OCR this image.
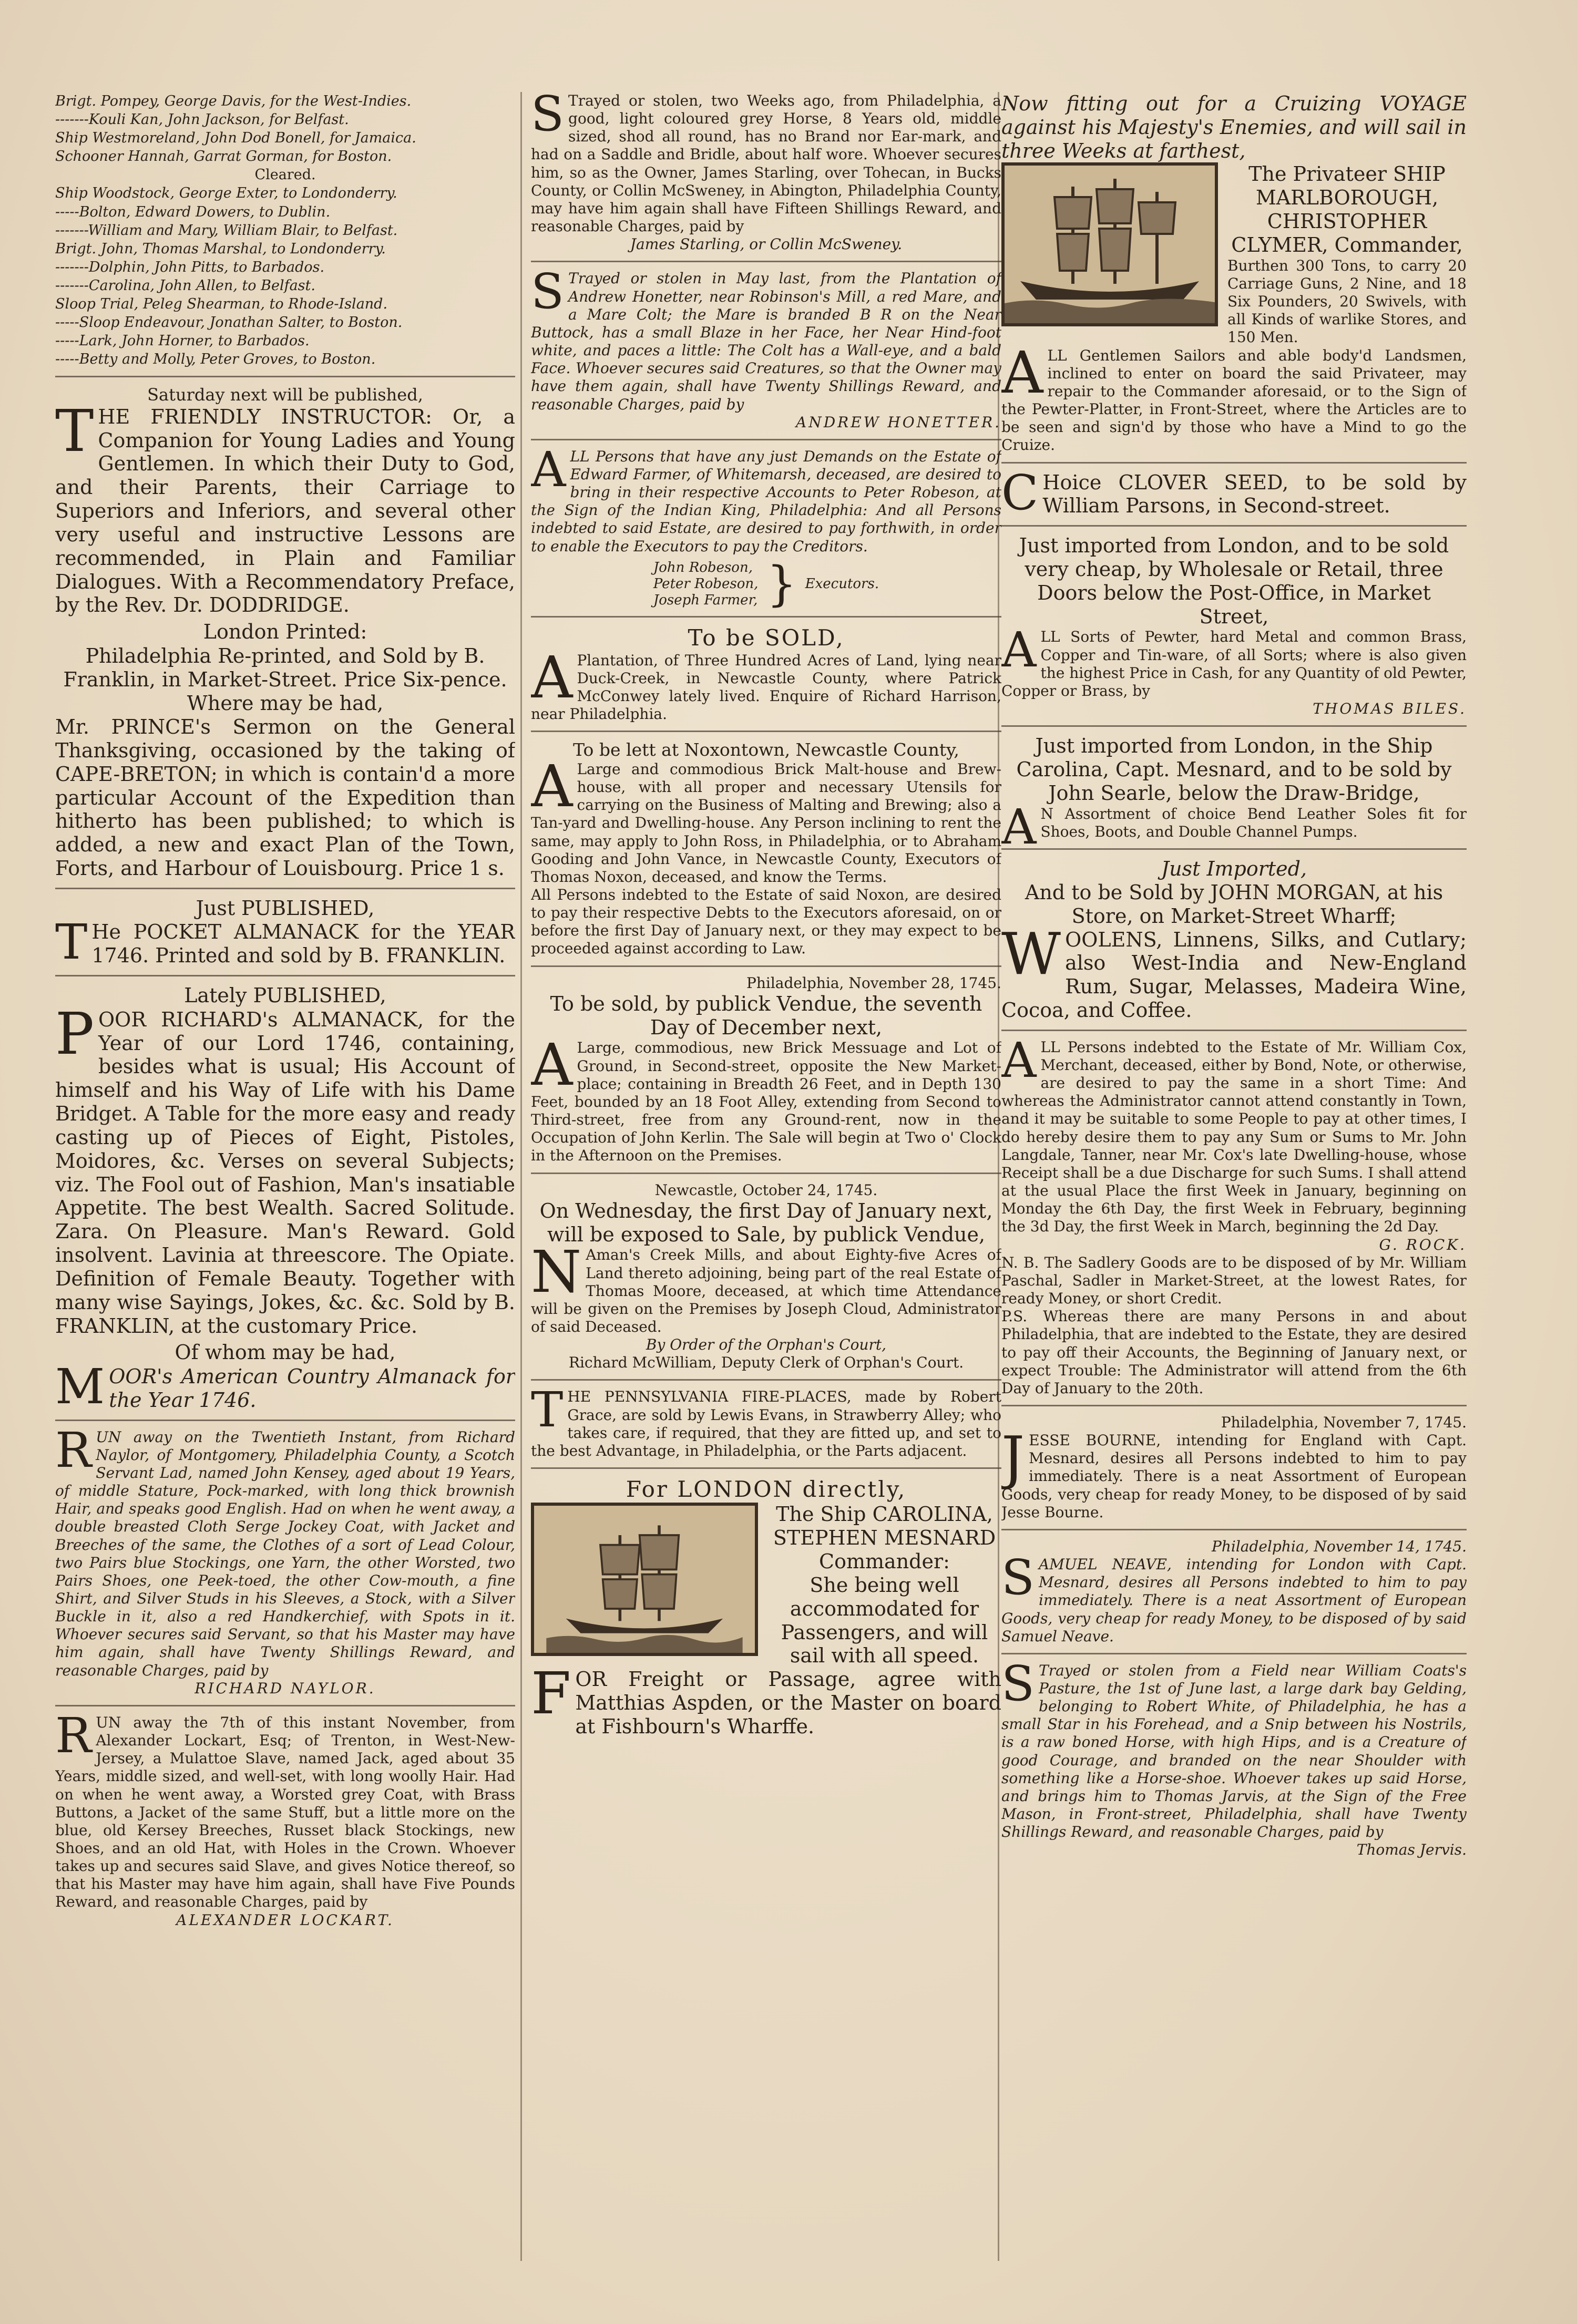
Brigt. Pompey, George Davis, for the West-Indies.
-------Kouli Kan, John Jackson, for Belfast.
Ship Westmoreland, John Dod Bonell, for Jamaica.
Schooner Hannah, Garrat Gorman, for Boston.
Cleared.
Ship Woodstock, George Exter, to Londonderry.
-----Bolton, Edward Dowers, to Dublin.
-------William and Mary, William Blair, to Belfast.
Brigt. John, Thomas Marshal, to Londonderry.
-------Dolphin, John Pitts, to Barbados.
-------Carolina, John Allen, to Belfast.
Sloop Trial, Peleg Shearman, to Rhode-Island.
-----Sloop Endeavour, Jonathan Salter, to Boston.
-----Lark, John Horner, to Barbados.
-----Betty and Molly, Peter Groves, to Boston.

Saturday next will be published,

T HE FRIENDLY INSTRUCTOR: Or, a Companion for Young Ladies and Young Gentlemen. In which their Duty to God, and their Parents, their Carriage to Superiors and Inferiors, and several other very useful and instructive Lessons are recommended, in Plain and Familiar Dialogues. With a Recommendatory Preface, by the Rev. Dr. DODDRIDGE.

London Printed:

Philadelphia Re-printed, and Sold by B. Franklin, in Market-Street. Price Six-pence.

Where may be had,

Mr. PRINCE's Sermon on the General Thanksgiving, occasioned by the taking of CAPE-BRETON; in which is contain'd a more particular Account of the Expedition than hitherto has been published; to which is added, a new and exact Plan of the Town, Forts, and Harbour of Louisbourg. Price 1 s.

Just PUBLISHED,

T He POCKET ALMANACK for the YEAR 1746. Printed and sold by B. FRANKLIN.

Lately PUBLISHED,

P OOR RICHARD's ALMANACK, for the Year of our Lord 1746, containing, besides what is usual; His Account of himself and his Way of Life with his Dame Bridget. A Table for the more easy and ready casting up of Pieces of Eight, Pistoles, Moidores, &c. Verses on several Subjects; viz. The Fool out of Fashion, Man's insatiable Appetite. The best Wealth. Sacred Solitude. Zara. On Pleasure. Man's Reward. Gold insolvent. Lavinia at threescore. The Opiate. Definition of Female Beauty. Together with many wise Sayings, Jokes, &c. &c. Sold by B. FRANKLIN, at the customary Price.

Of whom may be had,

M OOR's American Country Almanack for the Year 1746.

R UN away on the Twentieth Instant, from Richard Naylor, of Montgomery, Philadelphia County, a Scotch Servant Lad, named John Kensey, aged about 19 Years, of middle Stature, Pock-marked, with long thick brownish Hair, and speaks good English. Had on when he went away, a double breasted Cloth Serge Jockey Coat, with Jacket and Breeches of the same, the Clothes of a sort of Lead Colour, two Pairs blue Stockings, one Yarn, the other Worsted, two Pairs Shoes, one Peek-toed, the other Cow-mouth, a fine Shirt, and Silver Studs in his Sleeves, a Stock, with a Silver Buckle in it, also a red Handkerchief, with Spots in it. Whoever secures said Servant, so that his Master may have him again, shall have Twenty Shillings Reward, and reasonable Charges, paid by

RICHARD NAYLOR.

R UN away the 7th of this instant November, from Alexander Lockart, Esq; of Trenton, in West-New-Jersey, a Mulattoe Slave, named Jack, aged about 35 Years, middle sized, and well-set, with long woolly Hair. Had on when he went away, a Worsted grey Coat, with Brass Buttons, a Jacket of the same Stuff, but a little more on the blue, old Kersey Breeches, Russet black Stockings, new Shoes, and an old Hat, with Holes in the Crown. Whoever takes up and secures said Slave, and gives Notice thereof, so that his Master may have him again, shall have Five Pounds Reward, and reasonable Charges, paid by

ALEXANDER LOCKART.

S Trayed or stolen, two Weeks ago, from Philadelphia, a good, light coloured grey Horse, 8 Years old, middle sized, shod all round, has no Brand nor Ear-mark, and had on a Saddle and Bridle, about half wore. Whoever secures him, so as the Owner, James Starling, over Tohecan, in Bucks County, or Collin McSweney, in Abington, Philadelphia County, may have him again shall have Fifteen Shillings Reward, and reasonable Charges, paid by

James Starling, or Collin McSweney.

S Trayed or stolen in May last, from the Plantation of Andrew Honetter, near Robinson's Mill, a red Mare, and a Mare Colt; the Mare is branded B R on the Near Buttock, has a small Blaze in her Face, her Near Hind-foot white, and paces a little: The Colt has a Wall-eye, and a bald Face. Whoever secures said Creatures, so that the Owner may have them again, shall have Twenty Shillings Reward, and reasonable Charges, paid by

ANDREW HONETTER.

A LL Persons that have any just Demands on the Estate of Edward Farmer, of Whitemarsh, deceased, are desired to bring in their respective Accounts to Peter Robeson, at the Sign of the Indian King, Philadelphia: And all Persons indebted to said Estate, are desired to pay forthwith, in order to enable the Executors to pay the Creditors.

John Robeson,
Peter Robeson,
Joseph Farmer, } Executors.

To be SOLD,

A Plantation, of Three Hundred Acres of Land, lying near Duck-Creek, in Newcastle County, where Patrick McConwey lately lived. Enquire of Richard Harrison, near Philadelphia.

To be lett at Noxontown, Newcastle County,

A Large and commodious Brick Malt-house and Brew-house, with all proper and necessary Utensils for carrying on the Business of Malting and Brewing; also a Tan-yard and Dwelling-house. Any Person inclining to rent the same, may apply to John Ross, in Philadelphia, or to Abraham Gooding and John Vance, in Newcastle County, Executors of Thomas Noxon, deceased, and know the Terms.

All Persons indebted to the Estate of said Noxon, are desired to pay their respective Debts to the Executors aforesaid, on or before the first Day of January next, or they may expect to be proceeded against according to Law.

Philadelphia, November 28, 1745.

To be sold, by publick Vendue, the seventh Day of December next,

A Large, commodious, new Brick Messuage and Lot of Ground, in Second-street, opposite the New Market-place; containing in Breadth 26 Feet, and in Depth 130 Feet, bounded by an 18 Foot Alley, extending from Second to Third-street, free from any Ground-rent, now in the Occupation of John Kerlin. The Sale will begin at Two o' Clock in the Afternoon on the Premises.

Newcastle, October 24, 1745.

On Wednesday, the first Day of January next, will be exposed to Sale, by publick Vendue,

N Aman's Creek Mills, and about Eighty-five Acres of Land thereto adjoining, being part of the real Estate of Thomas Moore, deceased, at which time Attendance will be given on the Premises by Joseph Cloud, Administrator of said Deceased.

By Order of the Orphan's Court,

Richard McWilliam, Deputy Clerk of Orphan's Court.

T HE PENNSYLVANIA FIRE-PLACES, made by Robert Grace, are sold by Lewis Evans, in Strawberry Alley; who takes care, if required, that they are fitted up, and set to the best Advantage, in Philadelphia, or the Parts adjacent.

For LONDON directly,

The Ship CAROLINA, STEPHEN MESNARD Commander:

She being well accommodated for Passengers, and will sail with all speed.

F OR Freight or Passage, agree with Matthias Aspden, or the Master on board at Fishbourn's Wharffe.

Now fitting out for a Cruizing VOYAGE against his Majesty's Enemies, and will sail in three Weeks at farthest,

The Privateer SHIP MARLBOROUGH, CHRISTOPHER CLYMER, Commander,

Burthen 300 Tons, to carry 20 Carriage Guns, 2 Nine, and 18 Six Pounders, 20 Swivels, with all Kinds of warlike Stores, and 150 Men.

A LL Gentlemen Sailors and able body'd Landsmen, inclined to enter on board the said Privateer, may repair to the Commander aforesaid, or to the Sign of the Pewter-Platter, in Front-Street, where the Articles are to be seen and sign'd by those who have a Mind to go the Cruize.

C Hoice CLOVER SEED, to be sold by William Parsons, in Second-street.

Just imported from London, and to be sold very cheap, by Wholesale or Retail, three Doors below the Post-Office, in Market Street,

A LL Sorts of Pewter, hard Metal and common Brass, Copper and Tin-ware, of all Sorts; where is also given the highest Price in Cash, for any Quantity of old Pewter, Copper or Brass, by

THOMAS BILES.

Just imported from London, in the Ship Carolina, Capt. Mesnard, and to be sold by John Searle, below the Draw-Bridge,

A N Assortment of choice Bend Leather Soles fit for Shoes, Boots, and Double Channel Pumps.

Just Imported,

And to be Sold by JOHN MORGAN, at his Store, on Market-Street Wharff;

W OOLENS, Linnens, Silks, and Cutlary; also West-India and New-England Rum, Sugar, Melasses, Madeira Wine, Cocoa, and Coffee.

A LL Persons indebted to the Estate of Mr. William Cox, Merchant, deceased, either by Bond, Note, or otherwise, are desired to pay the same in a short Time: And whereas the Administrator cannot attend constantly in Town, and it may be suitable to some People to pay at other times, I do hereby desire them to pay any Sum or Sums to Mr. John Langdale, Tanner, near Mr. Cox's late Dwelling-house, whose Receipt shall be a due Discharge for such Sums. I shall attend at the usual Place the first Week in January, beginning on Monday the 6th Day, the first Week in February, beginning the 3d Day, the first Week in March, beginning the 2d Day.

G. ROCK.

N. B. The Sadlery Goods are to be disposed of by Mr. William Paschal, Sadler in Market-Street, at the lowest Rates, for ready Money, or short Credit.

P.S. Whereas there are many Persons in and about Philadelphia, that are indebted to the Estate, they are desired to pay off their Accounts, the Beginning of January next, or expect Trouble: The Administrator will attend from the 6th Day of January to the 20th.

Philadelphia, November 7, 1745.

J ESSE BOURNE, intending for England with Capt. Mesnard, desires all Persons indebted to him to pay immediately. There is a neat Assortment of European Goods, very cheap for ready Money, to be disposed of by said Jesse Bourne.

Philadelphia, November 14, 1745.

S AMUEL NEAVE, intending for London with Capt. Mesnard, desires all Persons indebted to him to pay immediately. There is a neat Assortment of European Goods, very cheap for ready Money, to be disposed of by said Samuel Neave.

S Trayed or stolen from a Field near William Coats's Pasture, the 1st of June last, a large dark bay Gelding, belonging to Robert White, of Philadelphia, he has a small Star in his Forehead, and a Snip between his Nostrils, is a raw boned Horse, with high Hips, and is a Creature of good Courage, and branded on the near Shoulder with something like a Horse-shoe. Whoever takes up said Horse, and brings him to Thomas Jarvis, at the Sign of the Free Mason, in Front-street, Philadelphia, shall have Twenty Shillings Reward, and reasonable Charges, paid by

Thomas Jervis.
